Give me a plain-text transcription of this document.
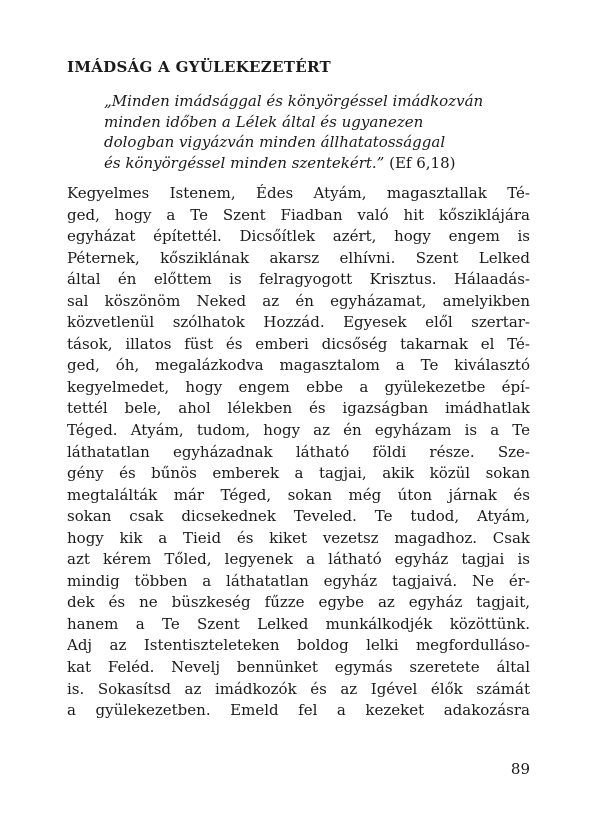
IMÁDSÁG A GYÜLEKEZETÉRT
„Minden imádsággal és könyörgéssel imádkozván
minden időben a Lélek által és ugyanezen
dologban vigyázván minden állhatatossággal
és könyörgéssel minden szentekért.” (Ef 6,18)
Kegyelmes Istenem, Édes Atyám, magasztallak Té-
ged, hogy a Te Szent Fiadban való hit kősziklájára
egyházat építettél. Dicsőítlek azért, hogy engem is
Péternek, kősziklának akarsz elhívni. Szent Lelked
által én előttem is felragyogott Krisztus. Hálaadás-
sal köszönöm Neked az én egyházamat, amelyikben
közvetlenül szólhatok Hozzád. Egyesek elől szertar-
tások, illatos füst és emberi dicsőség takarnak el Té-
ged, óh, megalázkodva magasztalom a Te kiválasztó
kegyelmedet, hogy engem ebbe a gyülekezetbe épí-
tettél bele, ahol lélekben és igazságban imádhatlak
Téged. Atyám, tudom, hogy az én egyházam is a Te
láthatatlan egyházadnak látható földi része. Sze-
gény és bűnös emberek a tagjai, akik közül sokan
megtalálták már Téged, sokan még úton járnak és
sokan csak dicsekednek Teveled. Te tudod, Atyám,
hogy kik a Tieid és kiket vezetsz magadhoz. Csak
azt kérem Tőled, legyenek a látható egyház tagjai is
mindig többen a láthatatlan egyház tagjaivá. Ne ér-
dek és ne büszkeség fűzze egybe az egyház tagjait,
hanem a Te Szent Lelked munkálkodjék közöttünk.
Adj az Istentiszteleteken boldog lelki megfordulláso-
kat Feléd. Nevelj bennünket egymás szeretete által
is. Sokasítsd az imádkozók és az Igével élők számát
a gyülekezetben. Emeld fel a kezeket adakozásra
89
